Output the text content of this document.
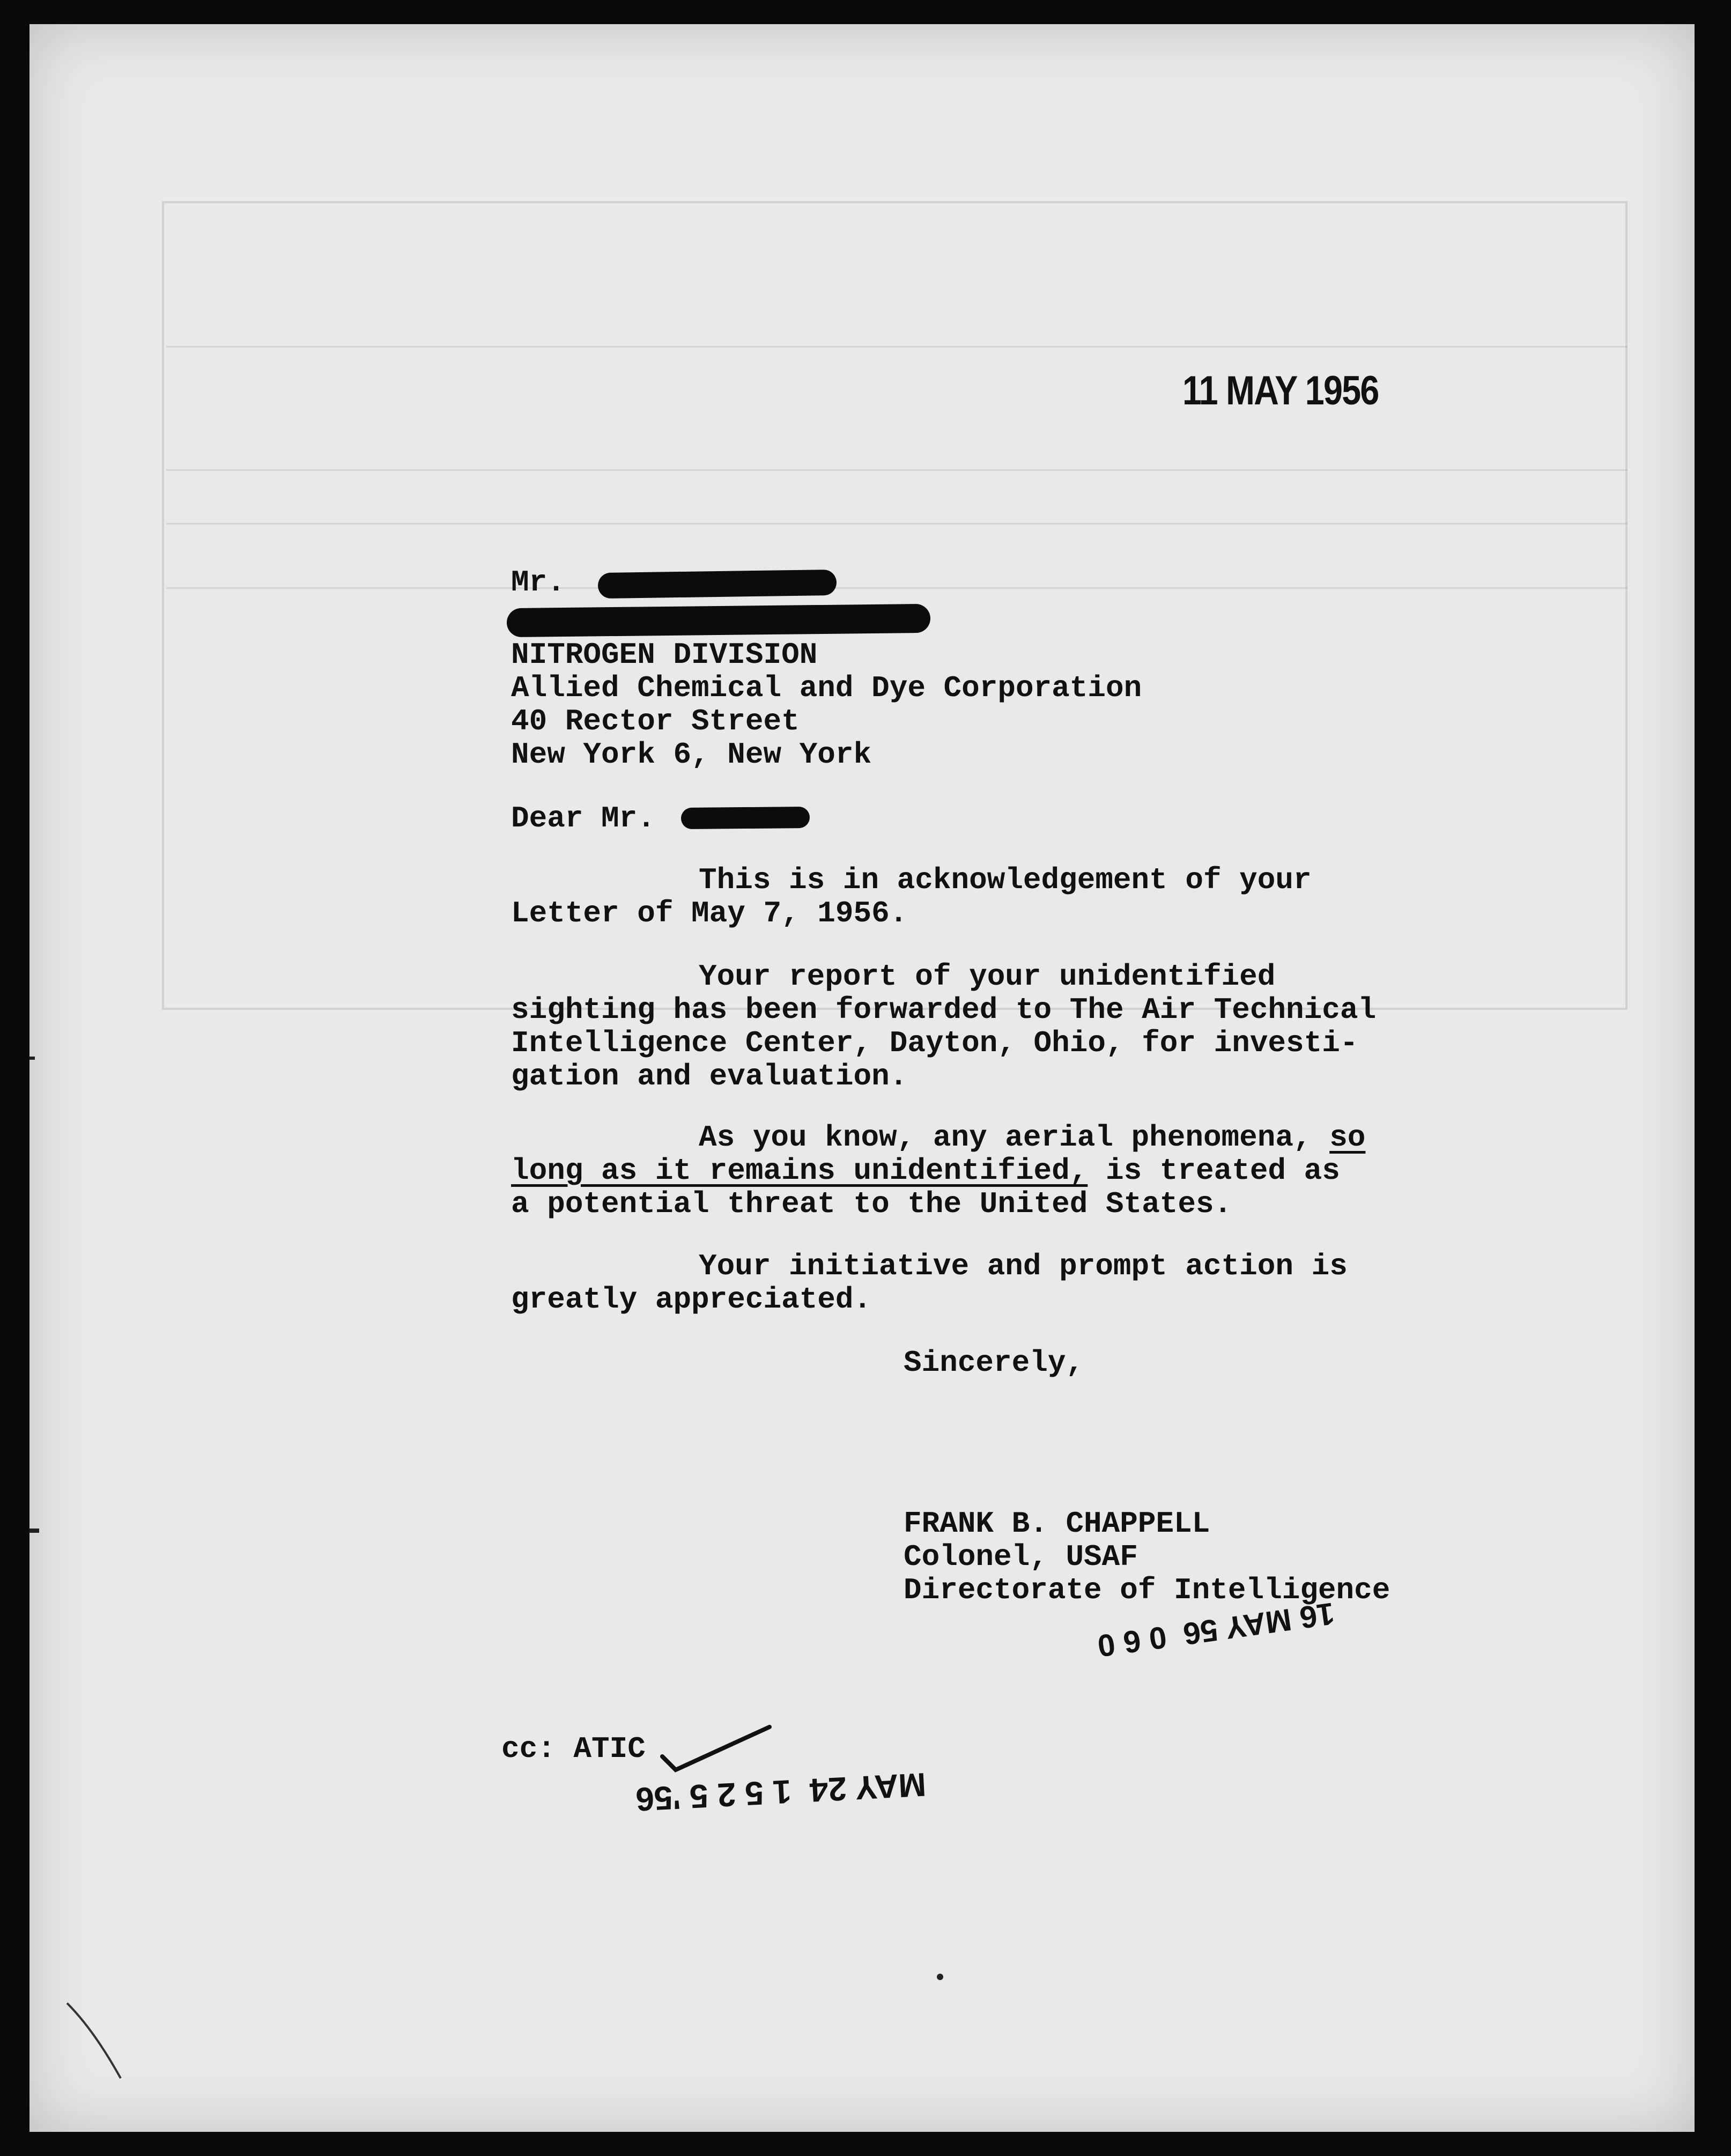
11 MAY 1956
Mr.
NITROGEN DIVISION
Allied Chemical and Dye Corporation
40 Rector Street
New York 6, New York
Dear Mr.
This is in acknowledgement of your
Letter of May 7, 1956.
Your report of your unidentified
sighting has been forwarded to The Air Technical
Intelligence Center, Dayton, Ohio, for investi-
gation and evaluation.
As you know, any aerial phenomena, so
long as it remains unidentified, is treated as
a potential threat to the United States.
Your initiative and prompt action is
greatly appreciated.
Sincerely,
FRANK B. CHAPPELL
Colonel, USAF
Directorate of Intelligence
16 MAY 56  0 6 0
cc: ATIC
MAY 24  1 5 2 5 '56
